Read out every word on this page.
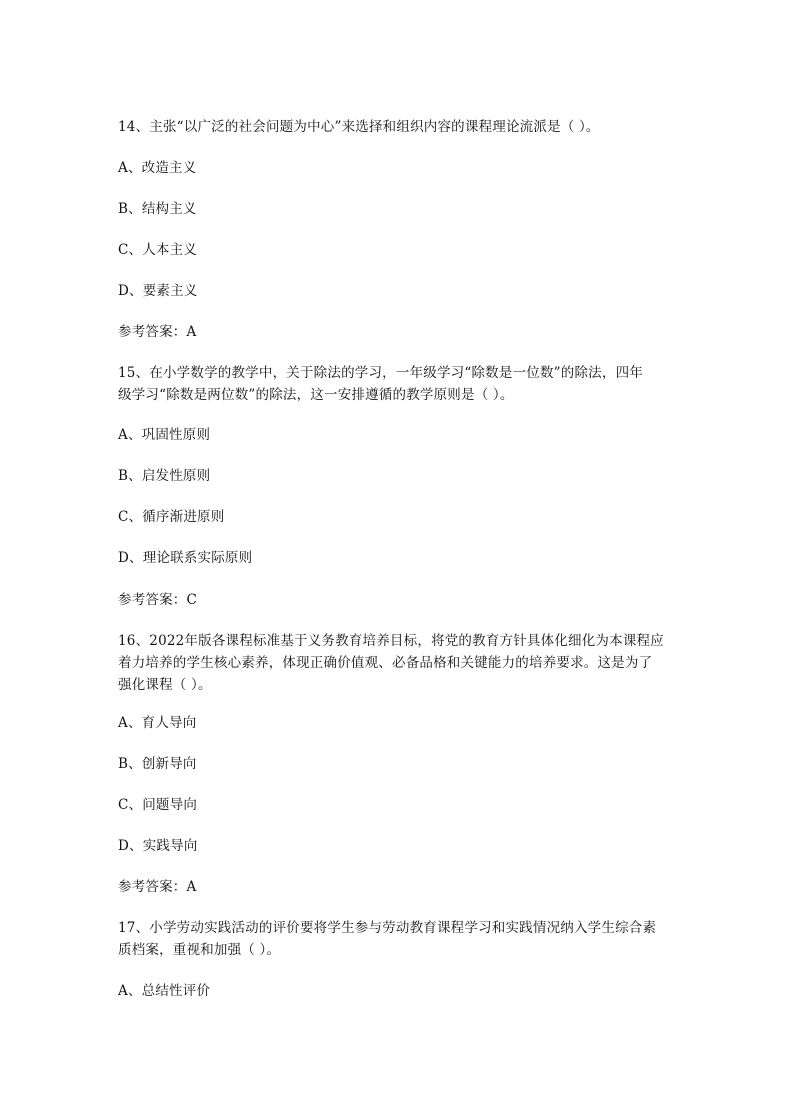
14、主张“以广泛的社会问题为中心”来选择和组织内容的课程理论流派是（ ）。
A、改造主义
B、结构主义
C、人本主义
D、要素主义
参考答案：A
15、在小学数学的教学中，关于除法的学习，一年级学习“除数是一位数”的除法，四年
级学习“除数是两位数”的除法，这一安排遵循的教学原则是（ ）。
A、巩固性原则
B、启发性原则
C、循序渐进原则
D、理论联系实际原则
参考答案：C
16、2022年版各课程标准基于义务教育培养目标，将党的教育方针具体化细化为本课程应
着力培养的学生核心素养，体现正确价值观、必备品格和关键能力的培养要求。这是为了
强化课程（ ）。
A、育人导向
B、创新导向
C、问题导向
D、实践导向
参考答案：A
17、小学劳动实践活动的评价要将学生参与劳动教育课程学习和实践情况纳入学生综合素
质档案，重视和加强（ ）。
A、总结性评价
